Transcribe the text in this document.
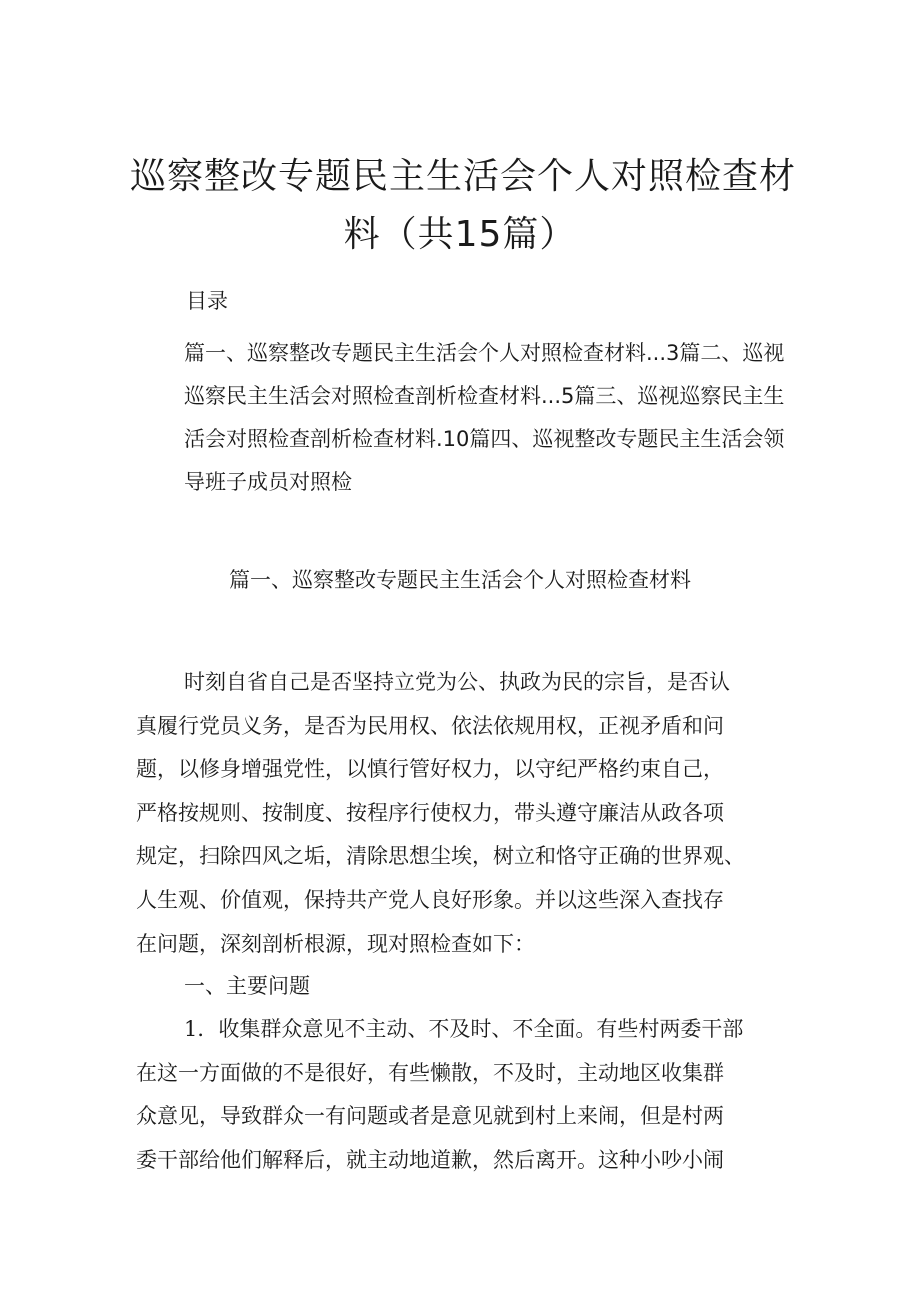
巡察整改专题民主生活会个人对照检查材
料（共15篇）
目录
篇一、巡察整改专题民主生活会个人对照检查材料...3篇二、巡视
巡察民主生活会对照检查剖析检查材料...5篇三、巡视巡察民主生
活会对照检查剖析检查材料.10篇四、巡视整改专题民主生活会领
导班子成员对照检
篇一、巡察整改专题民主生活会个人对照检查材料
时刻自省自己是否坚持立党为公、执政为民的宗旨，是否认
真履行党员义务，是否为民用权、依法依规用权，正视矛盾和问
题，以修身增强党性，以慎行管好权力，以守纪严格约束自己，
严格按规则、按制度、按程序行使权力，带头遵守廉洁从政各项
规定，扫除四风之垢，清除思想尘埃，树立和恪守正确的世界观、
人生观、价值观，保持共产党人良好形象。并以这些深入查找存
在问题，深刻剖析根源，现对照检查如下：
一、主要问题
1．收集群众意见不主动、不及时、不全面。有些村两委干部
在这一方面做的不是很好，有些懒散，不及时，主动地区收集群
众意见，导致群众一有问题或者是意见就到村上来闹，但是村两
委干部给他们解释后，就主动地道歉，然后离开。这种小吵小闹
